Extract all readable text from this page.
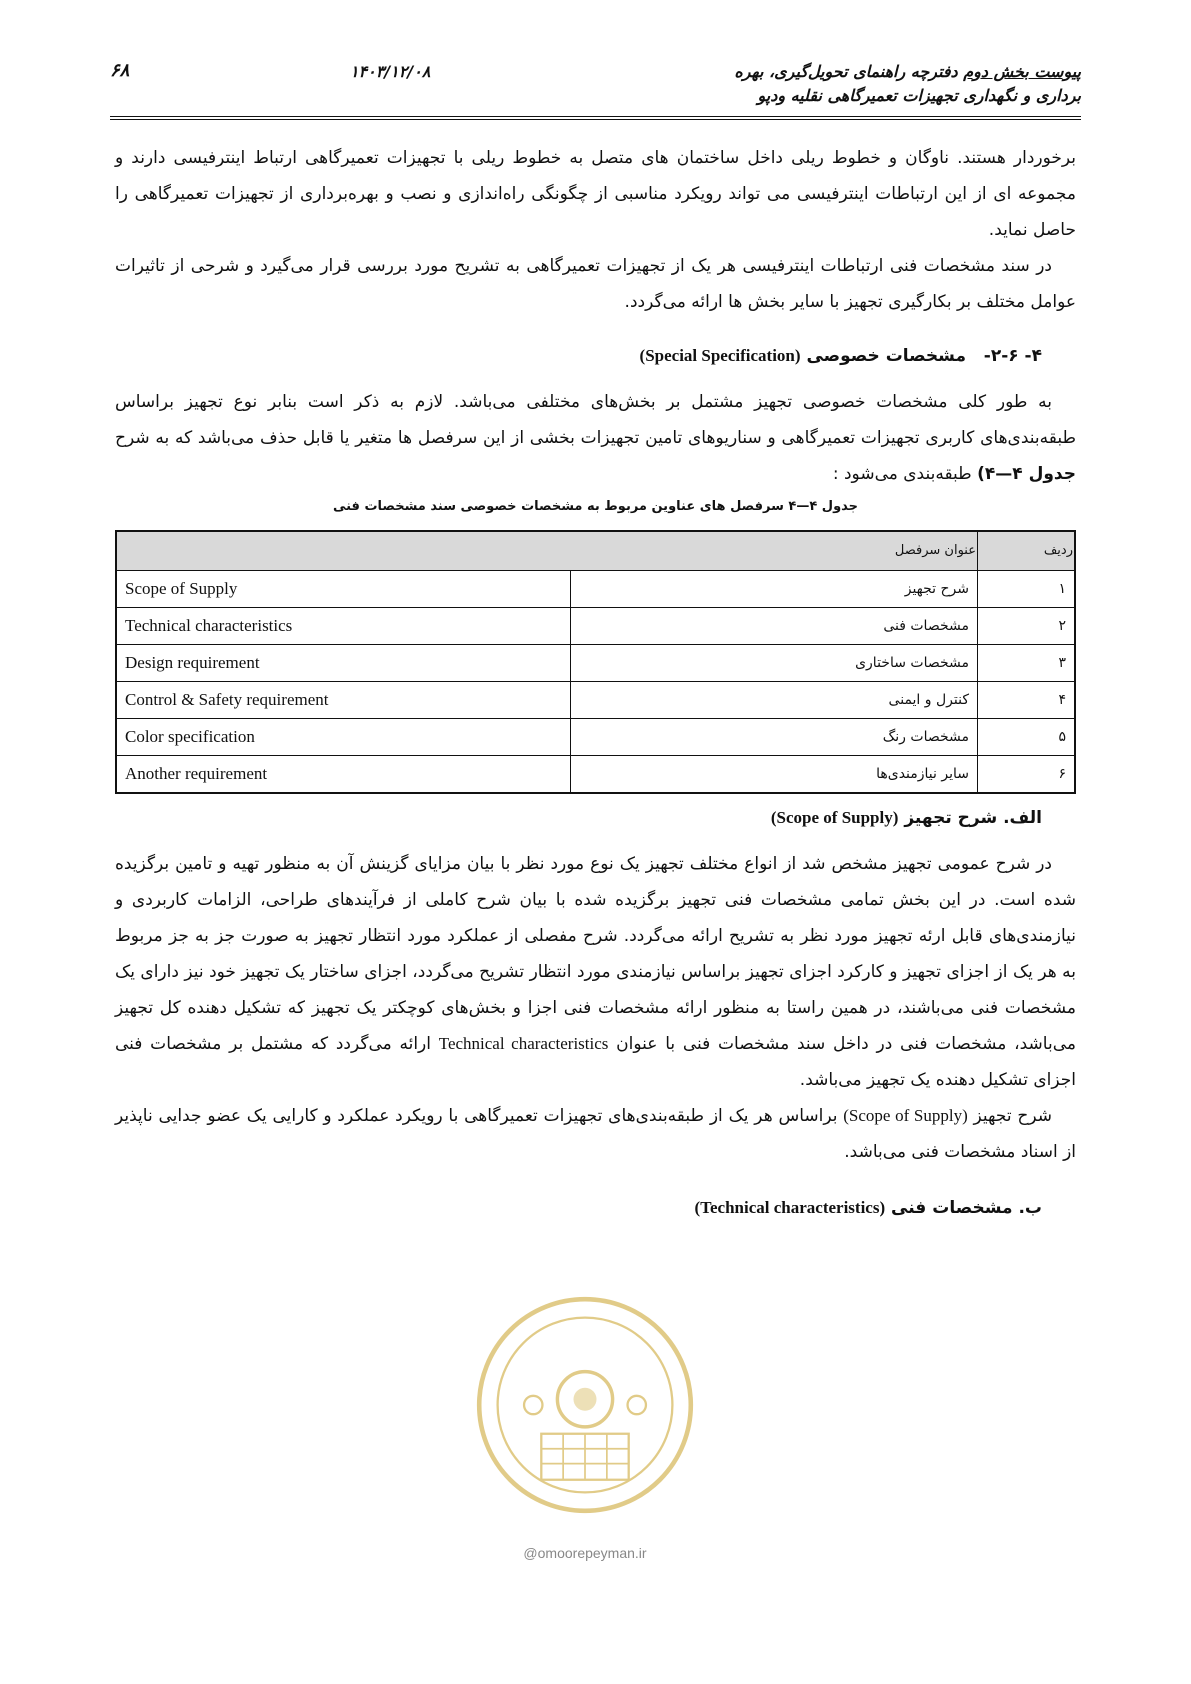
پیوست بخش دوم دفترچه راهنمای تحویل‌گیری، بهره
برداری و نگهداری تجهیزات تعمیرگاهی نقلیه ودپو
۱۴۰۳/۱۲/۰۸
۶۸

برخوردار هستند. ناوگان و خطوط ریلی داخل ساختمان های متصل به خطوط ریلی با تجهیزات تعمیرگاهی ارتباط اینترفیسی دارند و مجموعه ای از این ارتباطات اینترفیسی می تواند رویکرد مناسبی از چگونگی راه‌اندازی و نصب و بهره‌برداری از تجهیزات تعمیرگاهی را حاصل نماید.

در سند مشخصات فنی ارتباطات اینترفیسی هر یک از تجهیزات تعمیرگاهی به تشریح مورد بررسی قرار می‌گیرد و شرحی از تاثیرات عوامل مختلف بر بکارگیری تجهیز با سایر بخش ها ارائه می‌گردد.

۴- ۲-۶-   مشخصات خصوصی (Special Specification)

به طور کلی مشخصات خصوصی تجهیز مشتمل بر بخش‌های مختلفی می‌باشد. لازم به ذکر است بنابر نوع تجهیز براساس طبقه‌بندی‌های کاربری تجهیزات تعمیرگاهی و سناریوهای تامین تجهیزات بخشی از این سرفصل ها متغیر یا قابل حذف می‌باشد که به شرح جدول ۴—۴) طبقه‌بندی می‌شود :

جدول ۴—۴ سرفصل های عناوین مربوط به مشخصات خصوصی سند مشخصات فنی
ردیف	عنوان سرفصل	
۱	شرح تجهیز	Scope of Supply
۲	مشخصات فنی	Technical characteristics
۳	مشخصات ساختاری	Design requirement
۴	کنترل و ایمنی	Control & Safety requirement
۵	مشخصات رنگ	Color specification
۶	سایر نیازمندی‌ها	Another requirement
الف. شرح تجهیز (Scope of Supply)

در شرح عمومی تجهیز مشخص شد از انواع مختلف تجهیز یک نوع مورد نظر با بیان مزایای گزینش آن به منظور تهیه و تامین برگزیده شده است. در این بخش تمامی مشخصات فنی تجهیز برگزیده شده با بیان شرح کاملی از فرآیندهای طراحی، الزامات کاربردی و نیازمندی‌های قابل ارئه تجهیز مورد نظر به تشریح ارائه می‌گردد. شرح مفصلی از عملکرد مورد انتظار تجهیز به صورت جز به جز مربوط به هر یک از اجزای تجهیز و کارکرد اجزای تجهیز براساس نیازمندی مورد انتظار تشریح می‌گردد، اجزای ساختار یک تجهیز خود نیز دارای یک مشخصات فنی می‌باشند، در همین راستا به منظور ارائه مشخصات فنی اجزا و بخش‌های کوچکتر یک تجهیز که تشکیل دهنده کل تجهیز می‌باشد، مشخصات فنی در داخل سند مشخصات فنی با عنوان Technical characteristics ارائه می‌گردد که مشتمل بر مشخصات فنی اجزای تشکیل دهنده یک تجهیز می‌باشد.

شرح تجهیز (Scope of Supply) براساس هر یک از طبقه‌بندی‌های تجهیزات تعمیرگاهی با رویکرد عملکرد و کارایی یک عضو جدایی ناپذیر از اسناد مشخصات فنی می‌باشد.

ب. مشخصات فنی (Technical characteristics)
@omoorepeyman.ir
